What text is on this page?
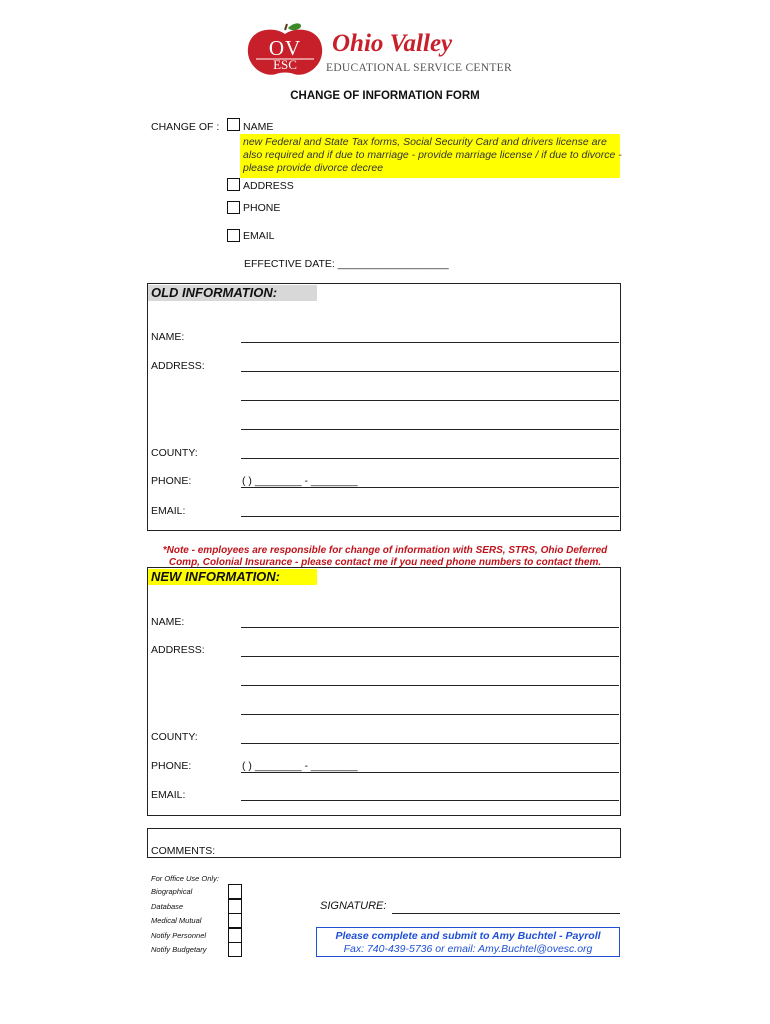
OV
ESC
Ohio Valley
EDUCATIONAL SERVICE CENTER
CHANGE OF INFORMATION FORM
CHANGE OF : NAME
new Federal and State Tax forms, Social Security Card and drivers license are
also required and if due to marriage - provide marriage license / if due to divorce -
please provide divorce decree
ADDRESS
PHONE
EMAIL
EFFECTIVE DATE: ___________________
OLD INFORMATION:
NAME:
ADDRESS:
COUNTY:
PHONE:	( ) ________ - ________
EMAIL:
*Note - employees are responsible for change of information with SERS, STRS, Ohio Deferred
Comp, Colonial Insurance - please contact me if you need phone numbers to contact them.
NEW INFORMATION:
NAME:
ADDRESS:
COUNTY:
PHONE:	( ) ________ - ________
EMAIL:
COMMENTS:
For Office Use Only:
Biographical
Database
Medical Mutual
Notify Personnel
Notify Budgetary
SIGNATURE:
Please complete and submit to Amy Buchtel - Payroll
Fax: 740-439-5736 or email: Amy.Buchtel@ovesc.org
